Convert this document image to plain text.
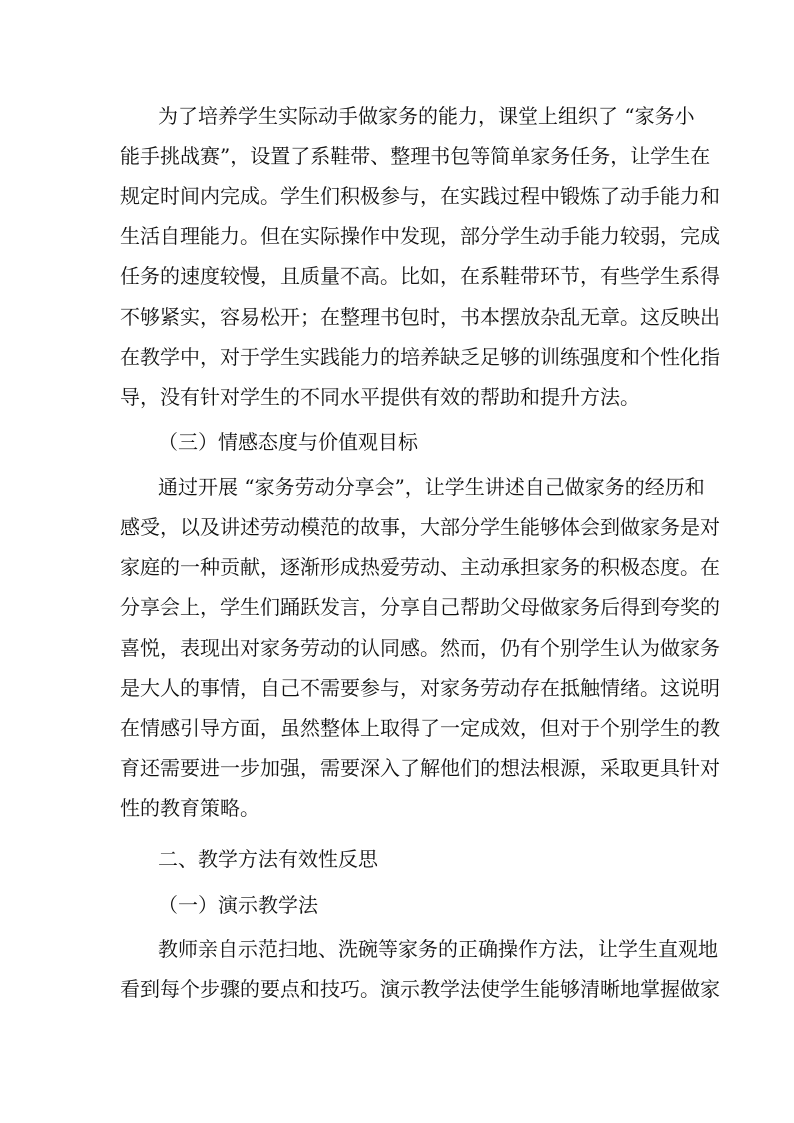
为了培养学生实际动手做家务的能力，课堂上组织了 “家务小
能手挑战赛”，设置了系鞋带、整理书包等简单家务任务，让学生在
规定时间内完成。学生们积极参与，在实践过程中锻炼了动手能力和
生活自理能力。但在实际操作中发现，部分学生动手能力较弱，完成
任务的速度较慢，且质量不高。比如，在系鞋带环节，有些学生系得
不够紧实，容易松开；在整理书包时，书本摆放杂乱无章。这反映出
在教学中，对于学生实践能力的培养缺乏足够的训练强度和个性化指
导，没有针对学生的不同水平提供有效的帮助和提升方法。
（三）情感态度与价值观目标
通过开展 “家务劳动分享会”，让学生讲述自己做家务的经历和
感受，以及讲述劳动模范的故事，大部分学生能够体会到做家务是对
家庭的一种贡献，逐渐形成热爱劳动、主动承担家务的积极态度。在
分享会上，学生们踊跃发言，分享自己帮助父母做家务后得到夸奖的
喜悦，表现出对家务劳动的认同感。然而，仍有个别学生认为做家务
是大人的事情，自己不需要参与，对家务劳动存在抵触情绪。这说明
在情感引导方面，虽然整体上取得了一定成效，但对于个别学生的教
育还需要进一步加强，需要深入了解他们的想法根源，采取更具针对
性的教育策略。
二、教学方法有效性反思
（一）演示教学法
教师亲自示范扫地、洗碗等家务的正确操作方法，让学生直观地
看到每个步骤的要点和技巧。演示教学法使学生能够清晰地掌握做家
